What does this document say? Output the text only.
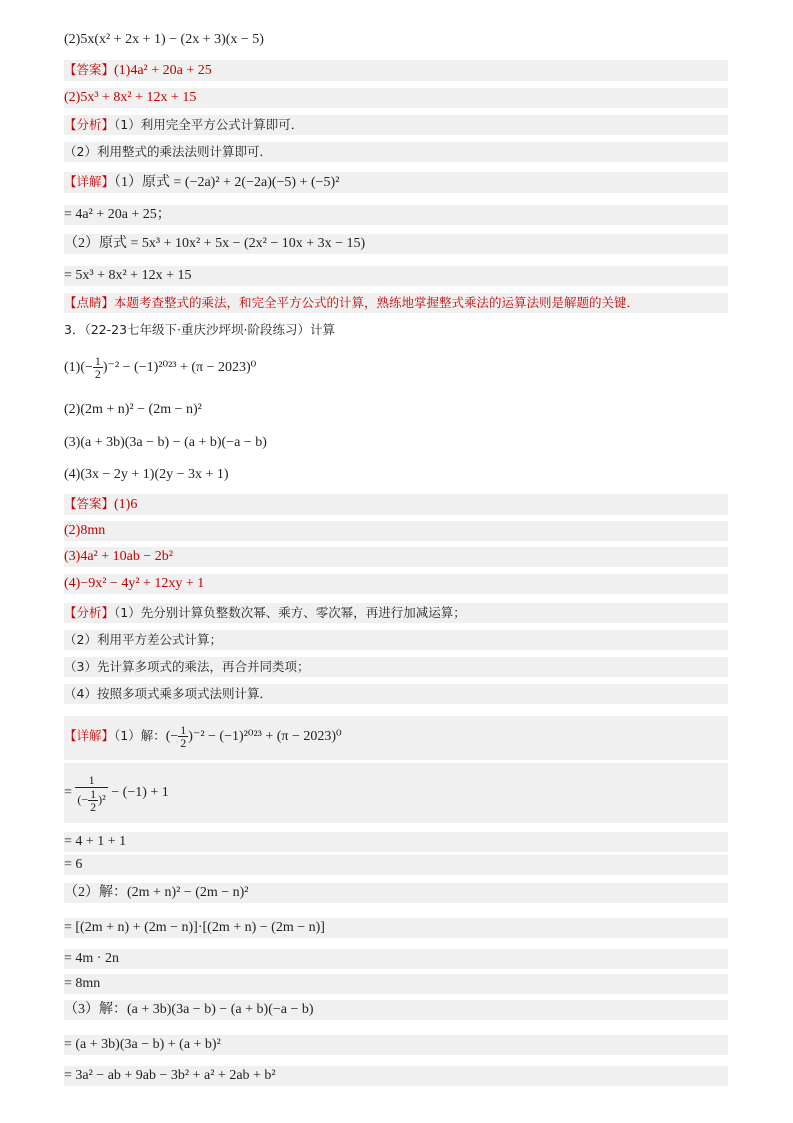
(2)5x(x² + 2x + 1) − (2x + 3)(x − 5)
【答案】(1)4a² + 20a + 25
(2)5x³ + 8x² + 12x + 15
【分析】（1）利用完全平方公式计算即可．
（2）利用整式的乘法法则计算即可．
【详解】（1）原式 = (−2a)² + 2(−2a)(−5) + (−5)²
= 4a² + 20a + 25；
（2）原式 = 5x³ + 10x² + 5x − (2x² − 10x + 3x − 15)
= 5x³ + 8x² + 12x + 15
【点睛】本题考查整式的乘法，和完全平方公式的计算，熟练地掌握整式乘法的运算法则是解题的关键．
3．（22-23七年级下·重庆沙坪坝·阶段练习）计算
$(1)(- \frac{1}{2} )^{-2} - (-1)^{2023} + (\pi - 2023)^0$
(2)(2m + n)² − (2m − n)²
(3)(a + 3b)(3a − b) − (a + b)(−a − b)
(4)(3x − 2y + 1)(2y − 3x + 1)
【答案】(1)6
(2)8mn
(3)4a² + 10ab − 2b²
(4)−9x² − 4y² + 12xy + 1
【分析】（1）先分别计算负整数次幂、乘方、零次幂，再进行加减运算；
（2）利用平方差公式计算；
（3）先计算多项式的乘法，再合并同类项；
（4）按照多项式乘多项式法则计算．
【详解】（1）解：(− $\frac{1}{2} )^{-2} - (-1)^{2023} + (\pi - 2023)^0$
= $\frac{1}{(- \frac{1}{2} )^2} - (-1) + 1$
= 4 + 1 + 1
= 6
（2）解：(2m + n)² − (2m − n)²
= [(2m + n) + (2m − n)]·[(2m + n) − (2m − n)]
= 4m · 2n
= 8mn
（3）解：(a + 3b)(3a − b) − (a + b)(−a − b)
= (a + 3b)(3a − b) + (a + b)²
= 3a² − ab + 9ab − 3b² + a² + 2ab + b²
